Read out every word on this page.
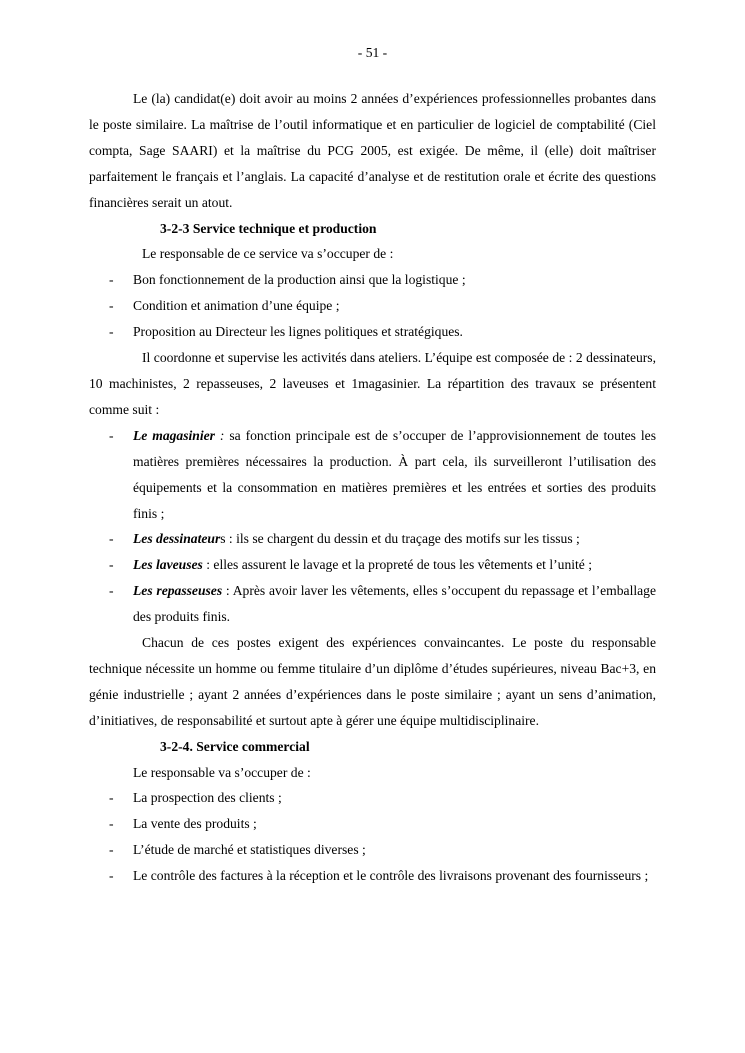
- 51 -

Le (la) candidat(e) doit avoir au moins 2 années d’expériences professionnelles probantes dans le poste similaire. La maîtrise de l’outil informatique et en particulier de logiciel de comptabilité (Ciel compta, Sage SAARI) et la maîtrise du PCG 2005, est exigée. De même, il (elle) doit maîtriser parfaitement le français et l’anglais. La capacité d’analyse et de restitution orale et écrite des questions financières serait un atout.

3-2-3 Service technique et production
Le responsable de ce service va s’occuper de :
- Bon fonctionnement de la production ainsi que la logistique ;
- Condition et animation d’une équipe ;
- Proposition au Directeur les lignes politiques et stratégiques.

Il coordonne et supervise les activités dans ateliers. L’équipe est composée de : 2 dessinateurs, 10 machinistes, 2 repasseuses, 2 laveuses et 1magasinier. La répartition des travaux se présentent comme suit :

- Le magasinier : sa fonction principale est de s’occuper de l’approvisionnement de toutes les matières premières nécessaires la production. À part cela, ils surveilleront l’utilisation des équipements et la consommation en matières premières et les entrées et sorties des produits finis ;
- Les dessinateurs : ils se chargent du dessin et du traçage des motifs sur les tissus ;
- Les laveuses : elles assurent le lavage et la propreté de tous les vêtements et l’unité ;
- Les repasseuses : Après avoir laver les vêtements, elles s’occupent du repassage et l’emballage des produits finis.

Chacun de ces postes exigent des expériences convaincantes. Le poste du responsable technique nécessite un homme ou femme titulaire d’un diplôme d’études supérieures, niveau Bac+3, en génie industrielle ; ayant 2 années d’expériences dans le poste similaire ; ayant un sens d’animation, d’initiatives, de responsabilité et surtout apte à gérer une équipe multidisciplinaire.

3-2-4. Service commercial
Le responsable va s’occuper de :
- La prospection des clients ;
- La vente des produits ;
- L’étude de marché et statistiques diverses ;
- Le contrôle des factures à la réception et le contrôle des livraisons provenant des fournisseurs ;
